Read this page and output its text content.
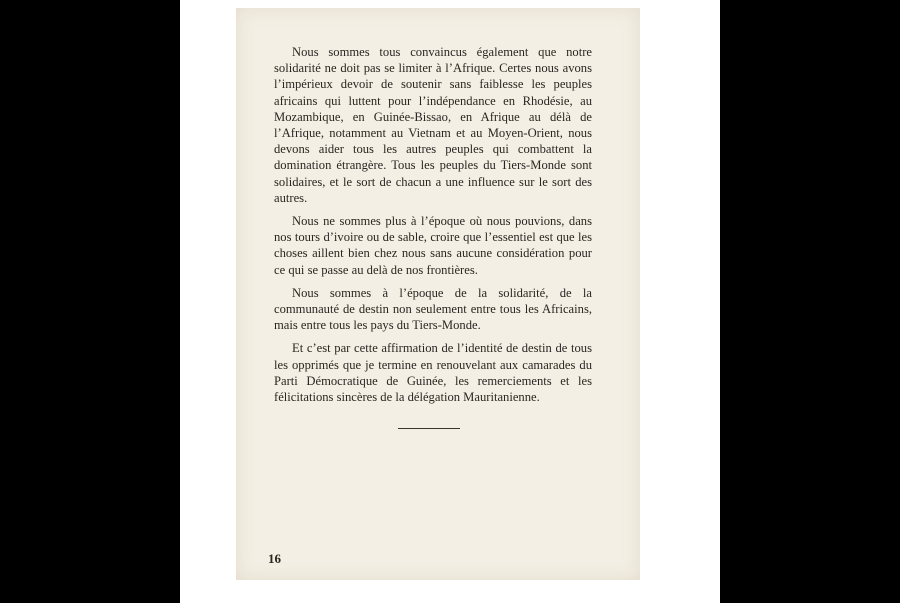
Nous sommes tous convaincus également que notre solidarité ne doit pas se limiter à l’Afrique. Certes nous avons l’impérieux devoir de soutenir sans faiblesse les peuples africains qui luttent pour l’indépendance en Rhodésie, au Mozambique, en Guinée-Bissao, en Afrique au délà de l’Afrique, notamment au Vietnam et au Moyen-Orient, nous devons aider tous les autres peuples qui combattent la domination étrangère. Tous les peuples du Tiers-Monde sont solidaires, et le sort de chacun a une influence sur le sort des autres.

Nous ne sommes plus à l’époque où nous pouvions, dans nos tours d’ivoire ou de sable, croire que l’essentiel est que les choses aillent bien chez nous sans aucune considération pour ce qui se passe au delà de nos frontières.

Nous sommes à l’époque de la solidarité, de la communauté de destin non seulement entre tous les Africains, mais entre tous les pays du Tiers-Monde.

Et c’est par cette affirmation de l’identité de destin de tous les opprimés que je termine en renouvelant aux camarades du Parti Démocratique de Guinée, les remerciements et les félicitations sincères de la délégation Mauritanienne.

16
